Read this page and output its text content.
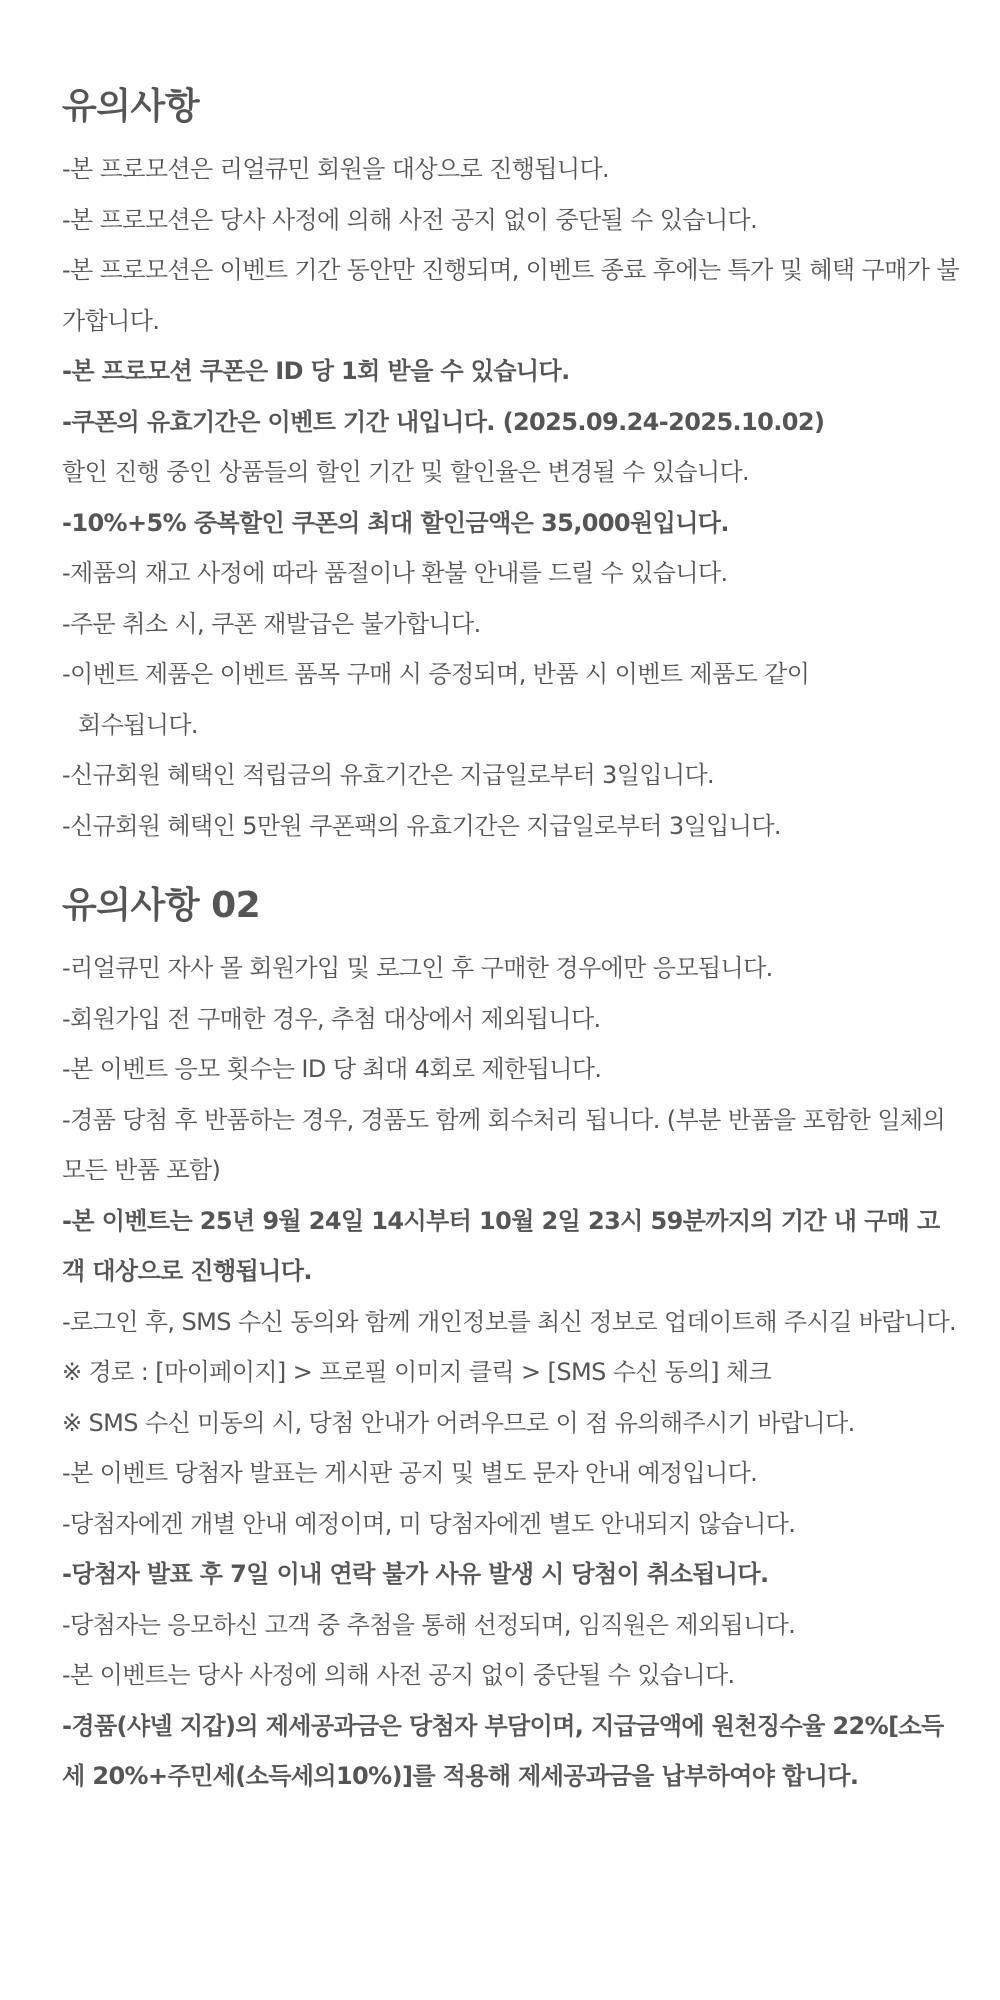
유의사항

-본 프로모션은 리얼큐민 회원을 대상으로 진행됩니다.

-본 프로모션은 당사 사정에 의해 사전 공지 없이 중단될 수 있습니다.

-본 프로모션은 이벤트 기간 동안만 진행되며, 이벤트 종료 후에는 특가 및 혜택 구매가 불가합니다.

-본 프로모션 쿠폰은 ID 당 1회 받을 수 있습니다.

-쿠폰의 유효기간은 이벤트 기간 내입니다. (2025.09.24-2025.10.02)

할인 진행 중인 상품들의 할인 기간 및 할인율은 변경될 수 있습니다.

-10%+5% 중복할인 쿠폰의 최대 할인금액은 35,000원입니다.

-제품의 재고 사정에 따라 품절이나 환불 안내를 드릴 수 있습니다.

-주문 취소 시, 쿠폰 재발급은 불가합니다.

-이벤트 제품은 이벤트 품목 구매 시 증정되며, 반품 시 이벤트 제품도 같이
회수됩니다.

-신규회원 혜택인 적립금의 유효기간은 지급일로부터 3일입니다.

-신규회원 혜택인 5만원 쿠폰팩의 유효기간은 지급일로부터 3일입니다.

유의사항 02

-리얼큐민 자사 몰 회원가입 및 로그인 후 구매한 경우에만 응모됩니다.

-회원가입 전 구매한 경우, 추첨 대상에서 제외됩니다.

-본 이벤트 응모 횟수는 ID 당 최대 4회로 제한됩니다.

-경품 당첨 후 반품하는 경우, 경품도 함께 회수처리 됩니다. (부분 반품을 포함한 일체의 모든 반품 포함)

-본 이벤트는 25년 9월 24일 14시부터 10월 2일 23시 59분까지의 기간 내 구매 고객 대상으로 진행됩니다.

-로그인 후, SMS 수신 동의와 함께 개인정보를 최신 정보로 업데이트해 주시길 바랍니다.

※ 경로 : [마이페이지] > 프로필 이미지 클릭 > [SMS 수신 동의] 체크

※ SMS 수신 미동의 시, 당첨 안내가 어려우므로 이 점 유의해주시기 바랍니다.

-본 이벤트 당첨자 발표는 게시판 공지 및 별도 문자 안내 예정입니다.

-당첨자에겐 개별 안내 예정이며, 미 당첨자에겐 별도 안내되지 않습니다.

-당첨자 발표 후 7일 이내 연락 불가 사유 발생 시 당첨이 취소됩니다.

-당첨자는 응모하신 고객 중 추첨을 통해 선정되며, 임직원은 제외됩니다.

-본 이벤트는 당사 사정에 의해 사전 공지 없이 중단될 수 있습니다.

-경품(샤넬 지갑)의 제세공과금은 당첨자 부담이며, 지급금액에 원천징수율 22%[소득세 20%+주민세(소득세의10%)]를 적용해 제세공과금을 납부하여야 합니다.
